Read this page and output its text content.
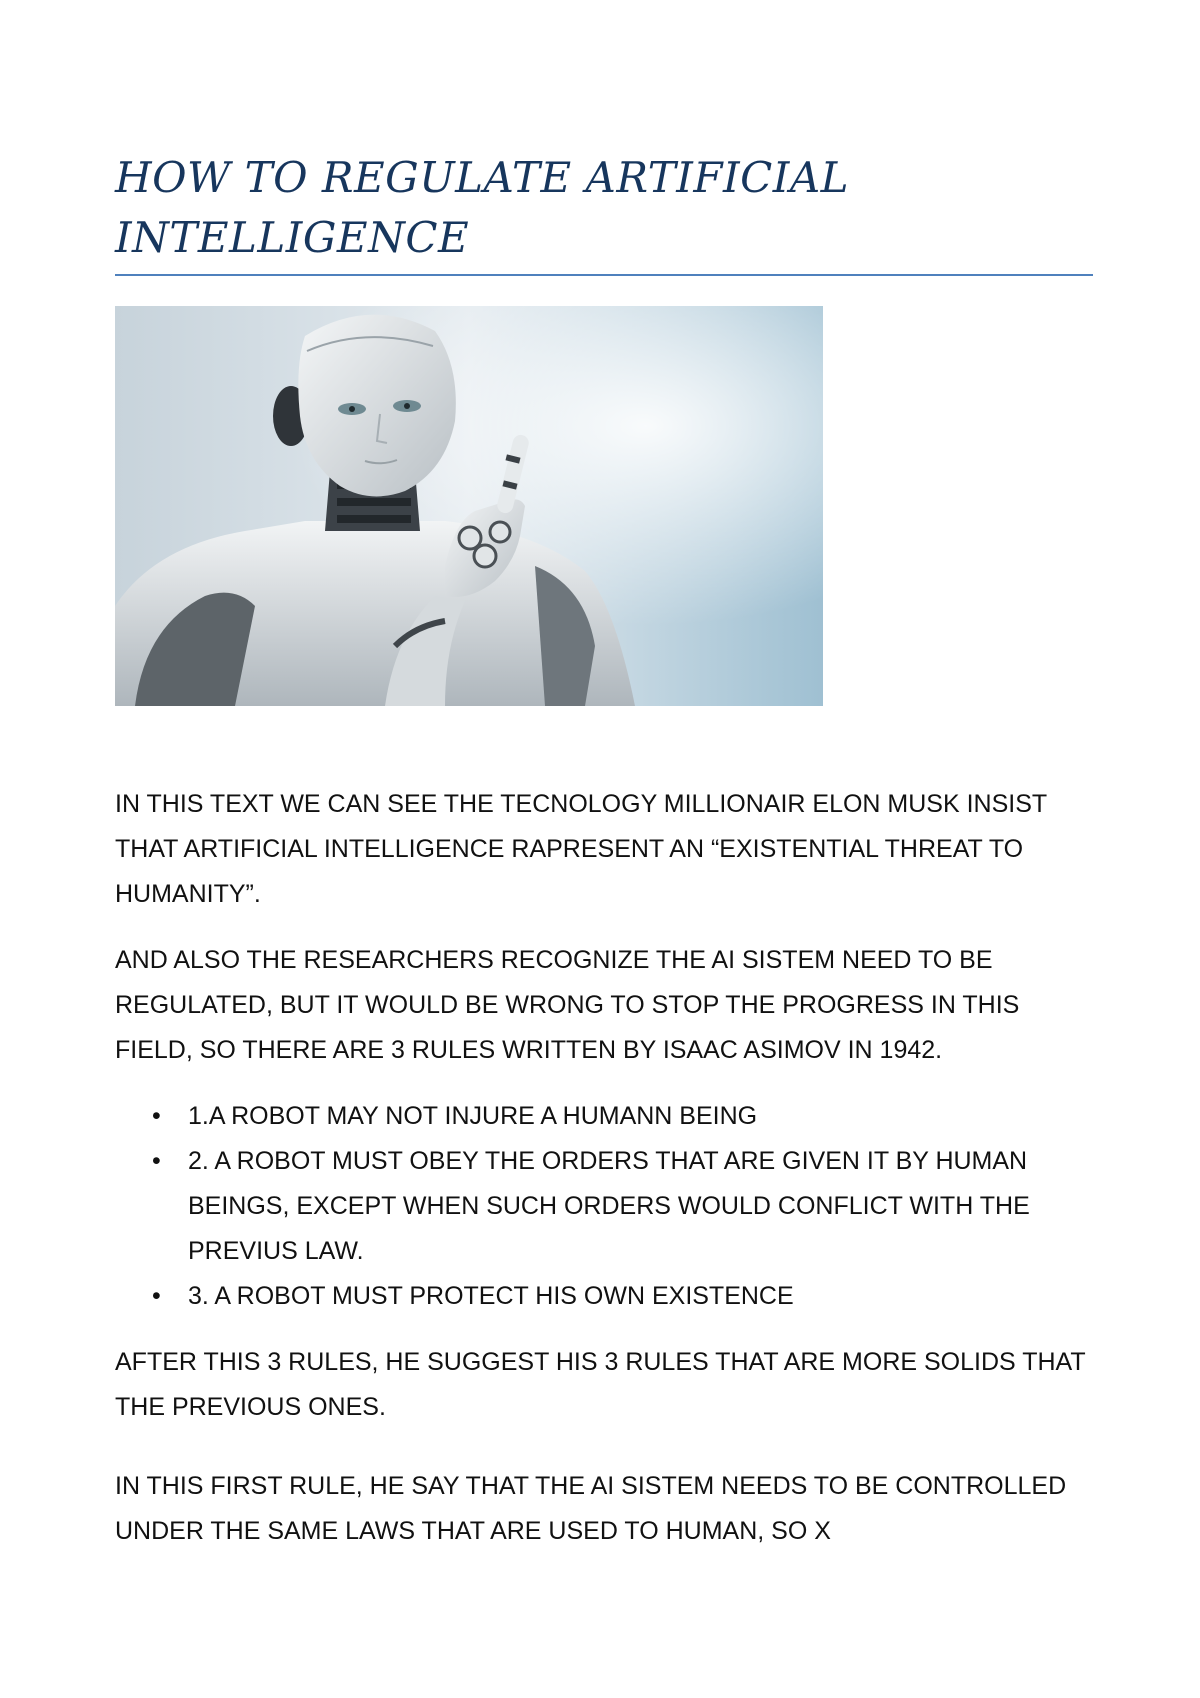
HOW TO REGULATE ARTIFICIAL INTELLIGENCE

IN THIS TEXT WE CAN SEE THE TECNOLOGY MILLIONAIR ELON MUSK INSIST THAT ARTIFICIAL INTELLIGENCE RAPRESENT AN “EXISTENTIAL THREAT TO HUMANITY”.

AND ALSO THE RESEARCHERS RECOGNIZE THE AI SISTEM NEED TO BE REGULATED, BUT IT WOULD BE WRONG TO STOP THE PROGRESS IN THIS FIELD, SO THERE ARE 3 RULES WRITTEN BY ISAAC ASIMOV IN 1942.

• 1.A ROBOT MAY NOT INJURE A HUMANN BEING
• 2. A ROBOT MUST OBEY THE ORDERS THAT ARE GIVEN IT BY HUMAN BEINGS, EXCEPT WHEN SUCH ORDERS WOULD CONFLICT WITH THE PREVIUS LAW.
• 3. A ROBOT MUST PROTECT HIS OWN EXISTENCE

AFTER THIS 3 RULES, HE SUGGEST HIS 3 RULES THAT ARE MORE SOLIDS THAT THE PREVIOUS ONES.

IN THIS FIRST RULE, HE SAY THAT THE AI SISTEM NEEDS TO BE CONTROLLED UNDER THE SAME LAWS THAT ARE USED TO HUMAN, SO X
